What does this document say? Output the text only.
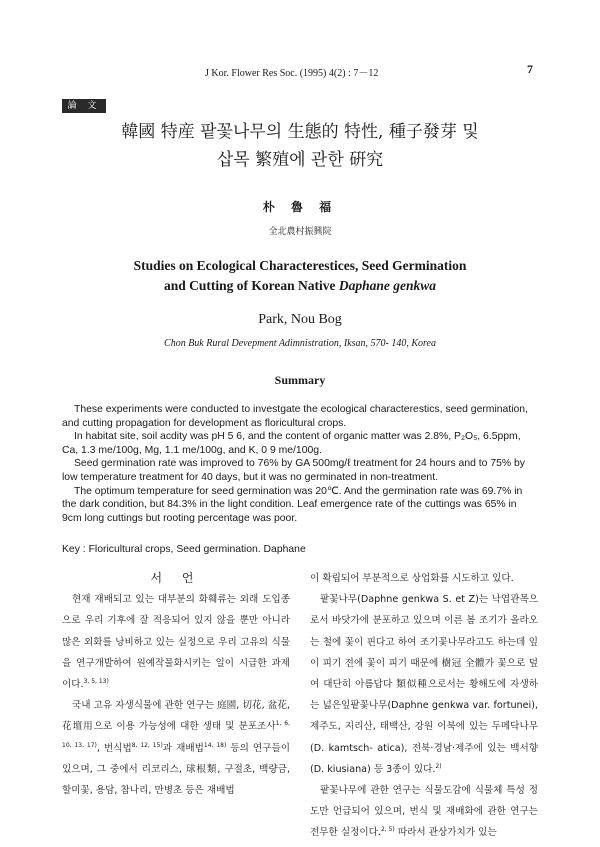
J Kor. Flower Res Soc. (1995) 4(2) : 7－12	7
論 文
韓國 特産 팥꽃나무의 生態的 特性, 種子發芽 및
삽목 繁殖에 관한 硏究
朴 魯 福
全北農村振興院
Studies on Ecological Characterestices, Seed Germination
and Cutting of Korean Native Daphane genkwa
Park, Nou Bog
Chon Buk Rural Devepment Adimnistration, Iksan, 570- 140, Korea
Summary

These experiments were conducted to investgate the ecological characterestics, seed germination, and cutting propagation for development as floricultural crops.

In habitat site, soil acdity was pH 5 6, and the content of organic matter was 2.8%, P₂O₅, 6.5ppm, Ca, 1.3 me/100g, Mg, 1.1 me/100g, and K, 0 9 me/100g.

Seed germination rate was improved to 76% by GA 500mg/ℓ treatment for 24 hours and to 75% by low temperature treatment for 40 days, but it was no germinated in non-treatment.

The optimum temperature for seed germination was 20℃. And the germination rate was 69.7% in the dark condition, but 84.3% in the light condition. Leaf emergence rate of the cuttings was 65% in 9cm long cuttings but rooting percentage was poor.

Key : Floricultural crops, Seed germination. Daphane

서 언

현재 재배되고 있는 대부분의 화훼류는 외래 도입종으로 우리 기후에 잘 적응되어 있지 않을 뿐만 아니라 많은 외화를 낭비하고 있는 실정으로 우리 고유의 식물을 연구개발하여 원예작물화시키는 일이 시급한 과제이다.$^{3, 5, 13)}$

국내 고유 자생식물에 관한 연구는 庭園, 切花, 盆花, 花壇用으로 이용 가능성에 대한 생태 및 분포조사$^{1, 6, 10, 13, 17)}$, 번식법$^{8, 12, 15)}$과 재배법$^{14, 18)}$ 등의 연구들이 있으며, 그 중에서 리코리스, 球根類, 구절초, 백량금, 할미꽃, 용담, 참나리, 만병초 등은 재배법

이 확립되어 부분적으로 상업화를 시도하고 있다.

팥꽃나무(Daphne genkwa S. et Z)는 낙엽관목으로서 바닷가에 분포하고 있으며 이른 봄 조기가 올라오는 철에 꽃이 핀다고 하여 조기꽃나무라고도 하는데 잎이 피기 전에 꽃이 피기 때문에 樹冠 全體가 꽃으로 덮여 대단히 아름답다 類似種으로서는 황해도에 자생하는 넓은잎팥꽃나무(Daphne genkwa var. fortunei), 제주도, 지리산, 태백산, 강원 이북에 있는 두메닥나무(D. kamtsch- atica), 전북·경남·제주에 있는 백서향(D. kiusiana) 등 3종이 있다.$^{2)}$

팥꽃나무에 관한 연구는 식물도감에 식물체 특성 정도만 언급되어 있으며, 번식 및 재배화에 관한 연구는 전무한 실정이다.$^{2, 5)}$ 따라서 관상가치가 있는
